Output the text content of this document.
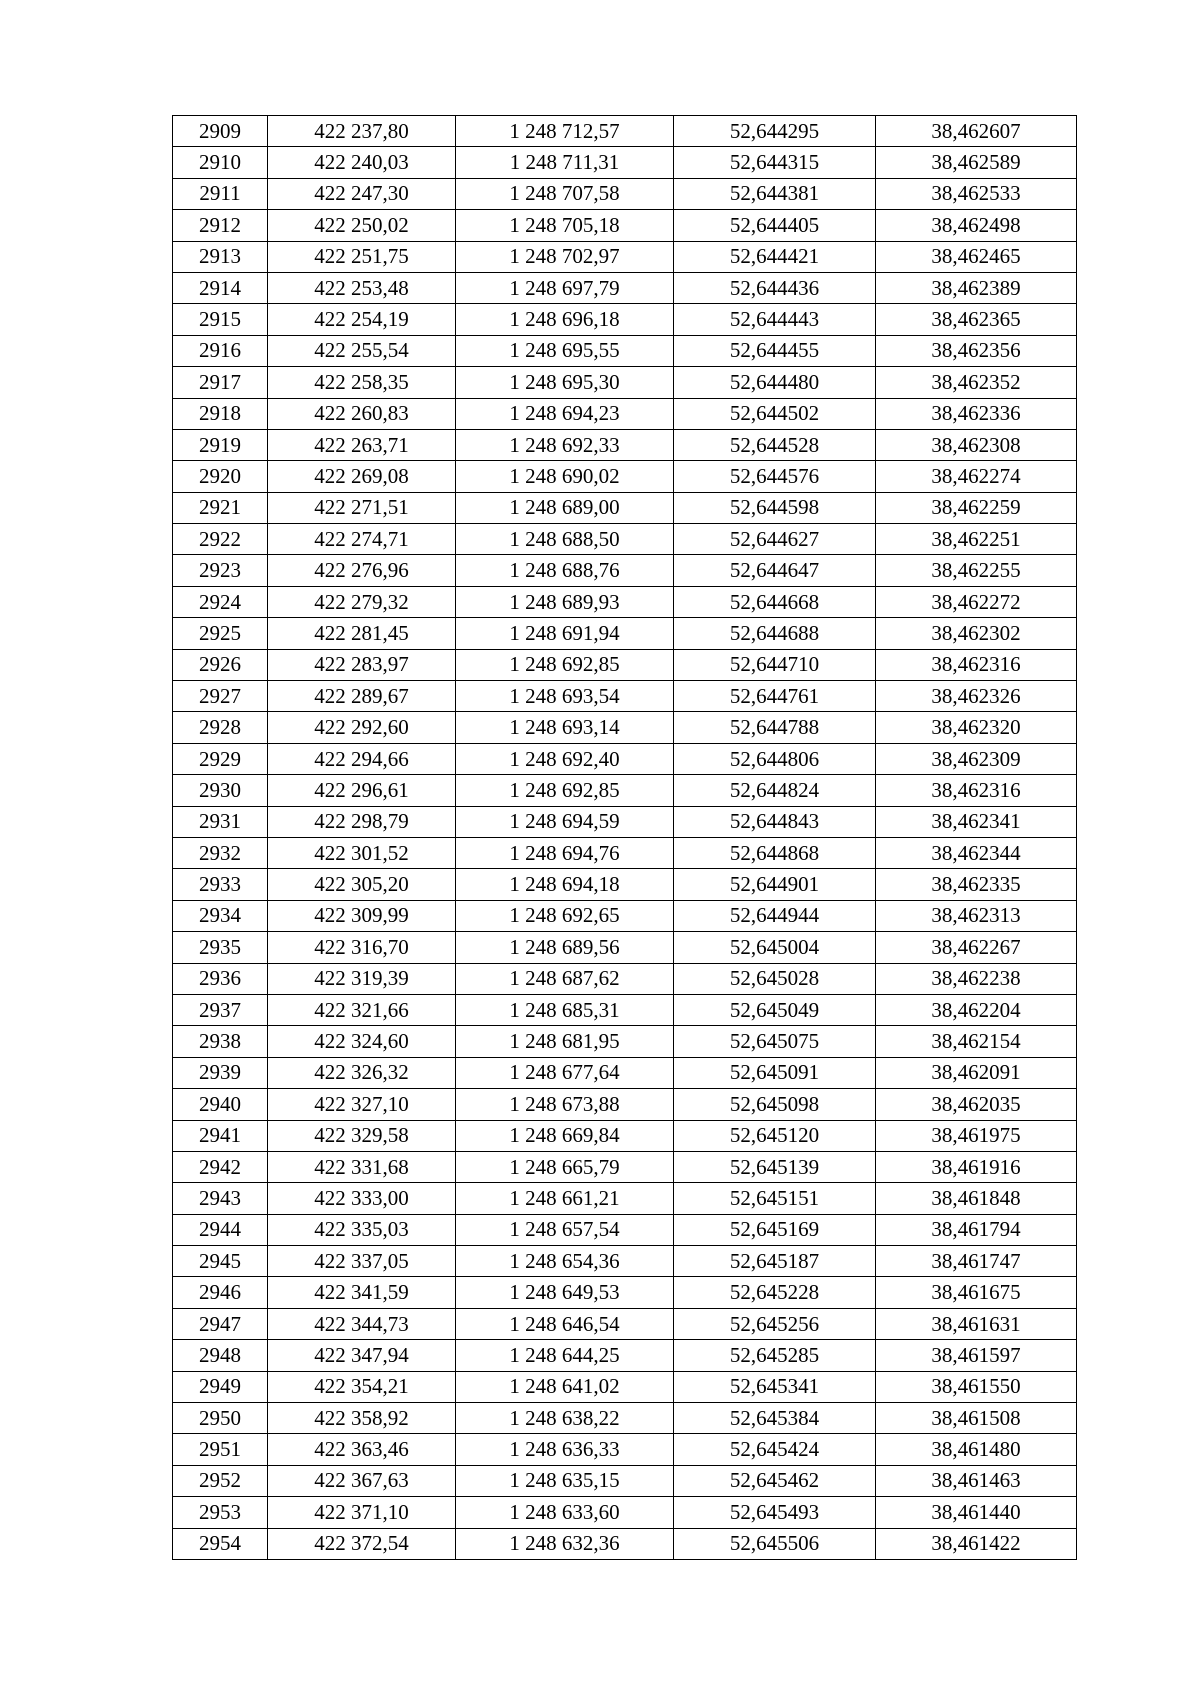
2909	422 237,80	1 248 712,57	52,644295	38,462607
2910	422 240,03	1 248 711,31	52,644315	38,462589
2911	422 247,30	1 248 707,58	52,644381	38,462533
2912	422 250,02	1 248 705,18	52,644405	38,462498
2913	422 251,75	1 248 702,97	52,644421	38,462465
2914	422 253,48	1 248 697,79	52,644436	38,462389
2915	422 254,19	1 248 696,18	52,644443	38,462365
2916	422 255,54	1 248 695,55	52,644455	38,462356
2917	422 258,35	1 248 695,30	52,644480	38,462352
2918	422 260,83	1 248 694,23	52,644502	38,462336
2919	422 263,71	1 248 692,33	52,644528	38,462308
2920	422 269,08	1 248 690,02	52,644576	38,462274
2921	422 271,51	1 248 689,00	52,644598	38,462259
2922	422 274,71	1 248 688,50	52,644627	38,462251
2923	422 276,96	1 248 688,76	52,644647	38,462255
2924	422 279,32	1 248 689,93	52,644668	38,462272
2925	422 281,45	1 248 691,94	52,644688	38,462302
2926	422 283,97	1 248 692,85	52,644710	38,462316
2927	422 289,67	1 248 693,54	52,644761	38,462326
2928	422 292,60	1 248 693,14	52,644788	38,462320
2929	422 294,66	1 248 692,40	52,644806	38,462309
2930	422 296,61	1 248 692,85	52,644824	38,462316
2931	422 298,79	1 248 694,59	52,644843	38,462341
2932	422 301,52	1 248 694,76	52,644868	38,462344
2933	422 305,20	1 248 694,18	52,644901	38,462335
2934	422 309,99	1 248 692,65	52,644944	38,462313
2935	422 316,70	1 248 689,56	52,645004	38,462267
2936	422 319,39	1 248 687,62	52,645028	38,462238
2937	422 321,66	1 248 685,31	52,645049	38,462204
2938	422 324,60	1 248 681,95	52,645075	38,462154
2939	422 326,32	1 248 677,64	52,645091	38,462091
2940	422 327,10	1 248 673,88	52,645098	38,462035
2941	422 329,58	1 248 669,84	52,645120	38,461975
2942	422 331,68	1 248 665,79	52,645139	38,461916
2943	422 333,00	1 248 661,21	52,645151	38,461848
2944	422 335,03	1 248 657,54	52,645169	38,461794
2945	422 337,05	1 248 654,36	52,645187	38,461747
2946	422 341,59	1 248 649,53	52,645228	38,461675
2947	422 344,73	1 248 646,54	52,645256	38,461631
2948	422 347,94	1 248 644,25	52,645285	38,461597
2949	422 354,21	1 248 641,02	52,645341	38,461550
2950	422 358,92	1 248 638,22	52,645384	38,461508
2951	422 363,46	1 248 636,33	52,645424	38,461480
2952	422 367,63	1 248 635,15	52,645462	38,461463
2953	422 371,10	1 248 633,60	52,645493	38,461440
2954	422 372,54	1 248 632,36	52,645506	38,461422
